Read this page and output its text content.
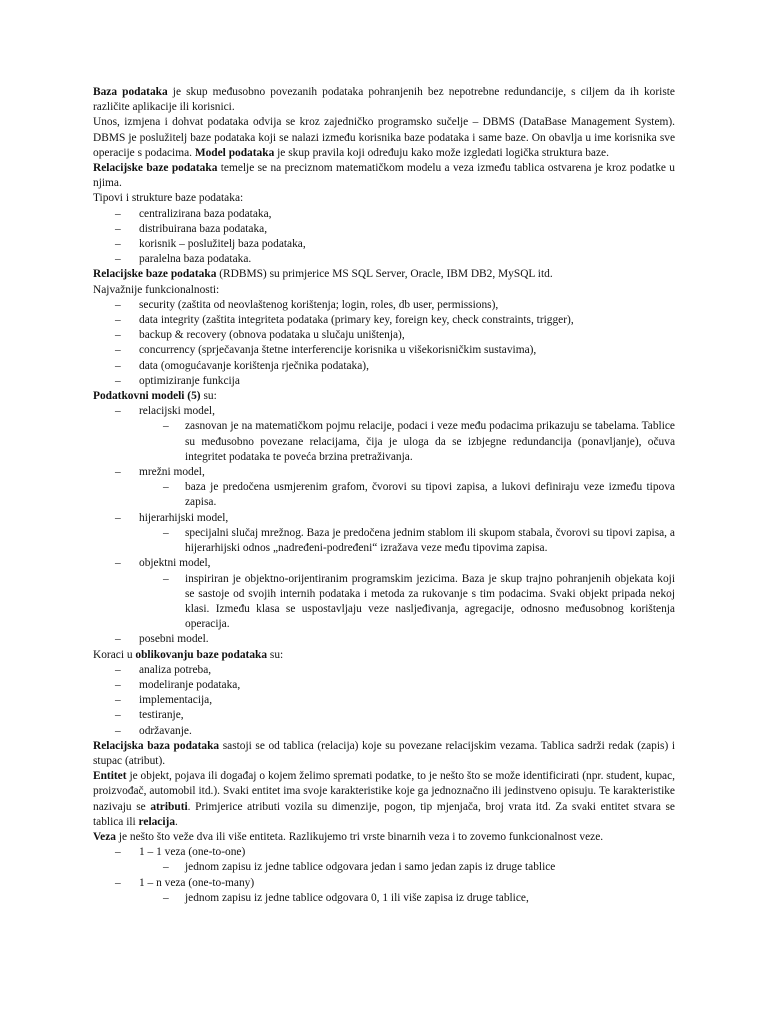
Baza podataka je skup međusobno povezanih podataka pohranjenih bez nepotrebne redundancije, s ciljem da ih koriste različite aplikacije ili korisnici.

Unos, izmjena i dohvat podataka odvija se kroz zajedničko programsko sučelje – DBMS (DataBase Management System). DBMS je poslužitelj baze podataka koji se nalazi između korisnika baze podataka i same baze. On obavlja u ime korisnika sve operacije s podacima. Model podataka je skup pravila koji određuju kako može izgledati logička struktura baze.

Relacijske baze podataka temelje se na preciznom matematičkom modelu a veza između tablica ostvarena je kroz podatke u njima.

Tipovi i strukture baze podataka:

– centralizirana baza podataka,
– distribuirana baza podataka,
– korisnik – poslužitelj baza podataka,
– paralelna baza podataka.

Relacijske baze podataka (RDBMS) su primjerice MS SQL Server, Oracle, IBM DB2, MySQL itd.

Najvažnije funkcionalnosti:

– security (zaštita od neovlaštenog korištenja; login, roles, db user, permissions),
– data integrity (zaštita integriteta podataka (primary key, foreign key, check constraints, trigger),
– backup & recovery (obnova podataka u slučaju uništenja),
– concurrency (sprječavanja štetne interferencije korisnika u višekorisničkim sustavima),
– data (omogućavanje korištenja rječnika podataka),
– optimiziranje funkcija

Podatkovni modeli (5) su:

– relacijski model,
– zasnovan je na matematičkom pojmu relacije, podaci i veze među podacima prikazuju se tabelama. Tablice su međusobno povezane relacijama, čija je uloga da se izbjegne redundancija (ponavljanje), očuva integritet podataka te poveća brzina pretraživanja.
– mrežni model,
– baza je predočena usmjerenim grafom, čvorovi su tipovi zapisa, a lukovi definiraju veze između tipova zapisa.
– hijerarhijski model,
– specijalni slučaj mrežnog. Baza je predočena jednim stablom ili skupom stabala, čvorovi su tipovi zapisa, a hijerarhijski odnos „nadređeni-podređeni“ izražava veze među tipovima zapisa.
– objektni model,
– inspiriran je objektno-orijentiranim programskim jezicima. Baza je skup trajno pohranjenih objekata koji se sastoje od svojih internih podataka i metoda za rukovanje s tim podacima. Svaki objekt pripada nekoj klasi. Između klasa se uspostavljaju veze nasljeđivanja, agregacije, odnosno međusobnog korištenja operacija.
– posebni model.

Koraci u oblikovanju baze podataka su:

– analiza potreba,
– modeliranje podataka,
– implementacija,
– testiranje,
– održavanje.

Relacijska baza podataka sastoji se od tablica (relacija) koje su povezane relacijskim vezama. Tablica sadrži redak (zapis) i stupac (atribut).

Entitet je objekt, pojava ili događaj o kojem želimo spremati podatke, to je nešto što se može identificirati (npr. student, kupac, proizvođač, automobil itd.). Svaki entitet ima svoje karakteristike koje ga jednoznačno ili jedinstveno opisuju. Te karakteristike nazivaju se atributi. Primjerice atributi vozila su dimenzije, pogon, tip mjenjača, broj vrata itd. Za svaki entitet stvara se tablica ili relacija.

Veza je nešto što veže dva ili više entiteta. Razlikujemo tri vrste binarnih veza i to zovemo funkcionalnost veze.

– 1 – 1 veza (one-to-one)
– jednom zapisu iz jedne tablice odgovara jedan i samo jedan zapis iz druge tablice
– 1 – n veza (one-to-many)
– jednom zapisu iz jedne tablice odgovara 0, 1 ili više zapisa iz druge tablice,
